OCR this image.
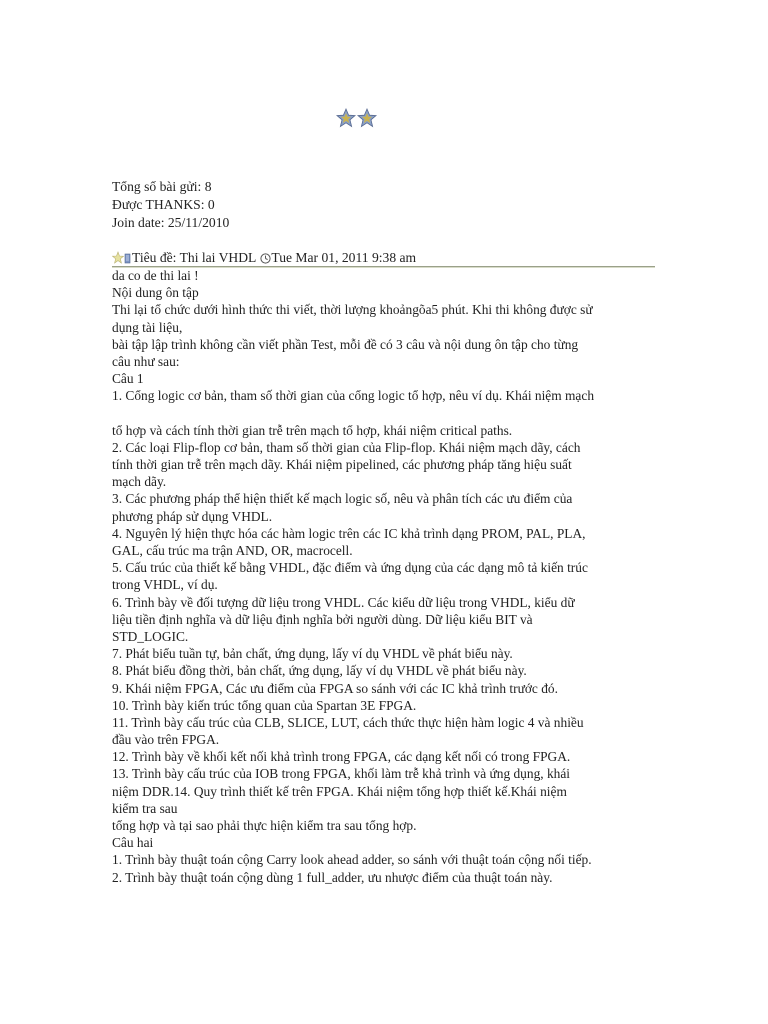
Tổng số bài gửi: 8
Được THANKS: 0
Join date: 25/11/2010
Tiêu đề: Thi lai VHDL Tue Mar 01, 2011 9:38 am
da co de thi lai !
Nội dung ôn tập
Thi lại tổ chức dưới hình thức thi viết, thời lượng khoảngõa5 phút. Khi thi không được sử
dụng tài liệu,
bài tập lập trình không cần viết phần Test, mỗi đề có 3 câu và nội dung ôn tập cho từng
câu như sau:
Câu 1
1. Cổng logic cơ bản, tham số thời gian của cổng logic tổ hợp, nêu ví dụ. Khái niệm mạch
tổ hợp và cách tính thời gian trễ trên mạch tổ hợp, khái niệm critical paths.
2. Các loại Flip-flop cơ bản, tham số thời gian của Flip-flop. Khái niệm mạch dãy, cách
tính thời gian trễ trên mạch dãy. Khái niệm pipelined, các phương pháp tăng hiệu suất
mạch dãy.
3. Các phương pháp thể hiện thiết kế mạch logic số, nêu và phân tích các ưu điểm của
phương pháp sử dụng VHDL.
4. Nguyên lý hiện thực hóa các hàm logic trên các IC khả trình dạng PROM, PAL, PLA,
GAL, cấu trúc ma trận AND, OR, macrocell.
5. Cấu trúc của thiết kế bằng VHDL, đặc điểm và ứng dụng của các dạng mô tả kiến trúc
trong VHDL, ví dụ.
6. Trình bày về đối tượng dữ liệu trong VHDL. Các kiểu dữ liệu trong VHDL, kiểu dữ
liệu tiền định nghĩa và dữ liệu định nghĩa bởi người dùng. Dữ liệu kiểu BIT và
STD_LOGIC.
7. Phát biểu tuần tự, bản chất, ứng dụng, lấy ví dụ VHDL về phát biểu này.
8. Phát biểu đồng thời, bản chất, ứng dụng, lấy ví dụ VHDL về phát biểu này.
9. Khái niệm FPGA, Các ưu điểm của FPGA so sánh với các IC khả trình trước đó.
10. Trình bày kiến trúc tổng quan của Spartan 3E FPGA.
11. Trình bày cấu trúc của CLB, SLICE, LUT, cách thức thực hiện hàm logic 4 và nhiều
đầu vào trên FPGA.
12. Trình bày về khối kết nối khả trình trong FPGA, các dạng kết nối có trong FPGA.
13. Trình bày cấu trúc của IOB trong FPGA, khối làm trễ khả trình và ứng dụng, khái
niệm DDR.14. Quy trình thiết kế trên FPGA. Khái niệm tổng hợp thiết kế.Khái niệm
kiểm tra sau
tổng hợp và tại sao phải thực hiện kiểm tra sau tổng hợp.
Câu hai
1. Trình bày thuật toán cộng Carry look ahead adder, so sánh với thuật toán cộng nối tiếp.
2. Trình bày thuật toán cộng dùng 1 full_adder, ưu nhược điểm của thuật toán này.
